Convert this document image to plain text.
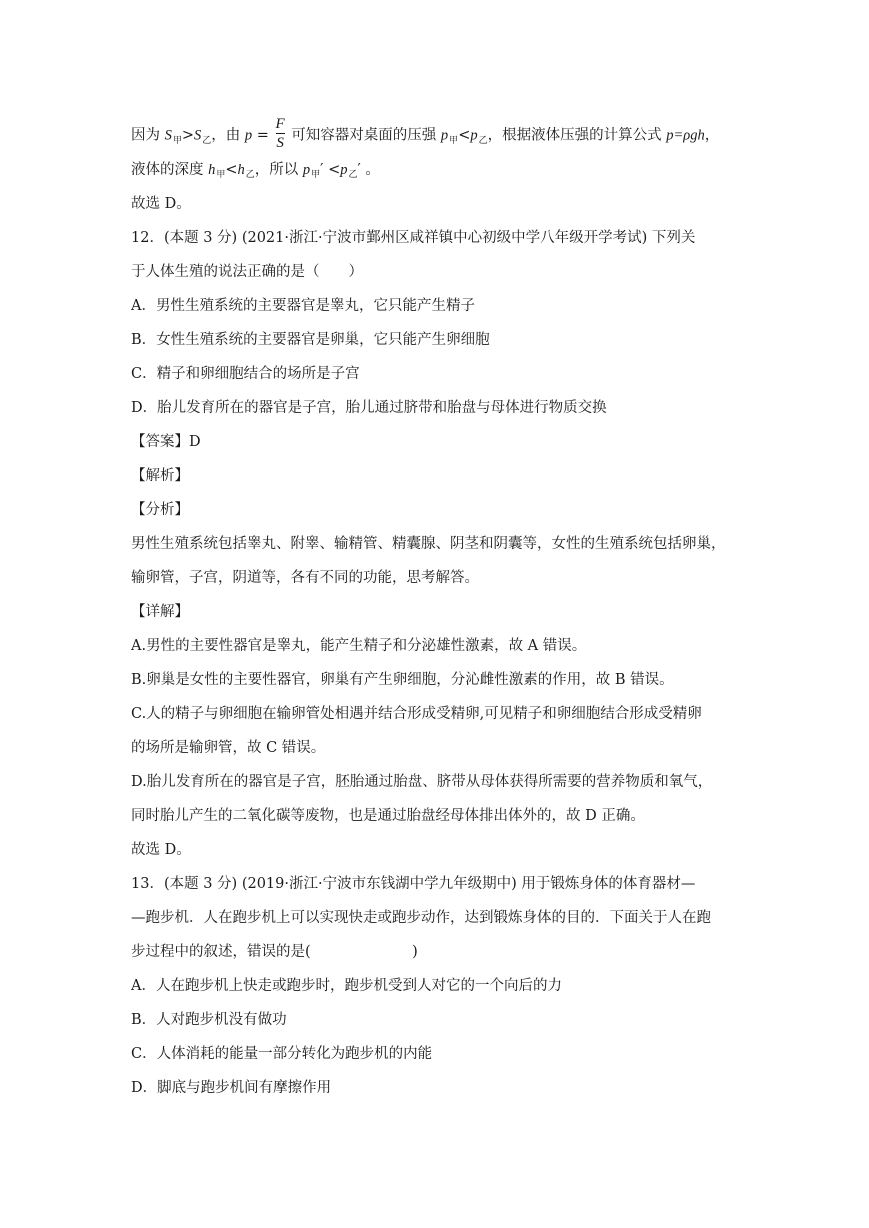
因为 $S_甲>S_乙$，由 $p = \frac{F}{S}$ 可知容器对桌面的压强 $p_甲<p_乙$，根据液体压强的计算公式 p=ρgh，
液体的深度 $h_甲<h_乙$，所以 $p_甲' <p_乙'$ 。
故选 D。
12．(本题 3 分) (2021·浙江·宁波市鄞州区咸祥镇中心初级中学八年级开学考试) 下列关
于人体生殖的说法正确的是（　　）
A．男性生殖系统的主要器官是睾丸，它只能产生精子
B．女性生殖系统的主要器官是卵巢，它只能产生卵细胞
C．精子和卵细胞结合的场所是子宫
D．胎儿发育所在的器官是子宫，胎儿通过脐带和胎盘与母体进行物质交换
【答案】D
【解析】
【分析】
男性生殖系统包括睾丸、附睾、输精管、精囊腺、阴茎和阴囊等，女性的生殖系统包括卵巢，
输卵管，子宫，阴道等，各有不同的功能，思考解答。
【详解】
A.男性的主要性器官是睾丸，能产生精子和分泌雄性激素，故 A 错误。
B.卵巢是女性的主要性器官，卵巢有产生卵细胞，分沁雌性激素的作用，故 B 错误。
C.人的精子与卵细胞在输卵管处相遇并结合形成受精卵,可见精子和卵细胞结合形成受精卵
的场所是输卵管，故 C 错误。
D.胎儿发育所在的器官是子宫，胚胎通过胎盘、脐带从母体获得所需要的营养物质和氧气，
同时胎儿产生的二氧化碳等废物，也是通过胎盘经母体排出体外的，故 D 正确。
故选 D。
13．(本题 3 分) (2019·浙江·宁波市东钱湖中学九年级期中) 用于锻炼身体的体育器材—
—跑步机．人在跑步机上可以实现快走或跑步动作，达到锻炼身体的目的．下面关于人在跑
步过程中的叙述，错误的是(　　　　　　　)
A．人在跑步机上快走或跑步时，跑步机受到人对它的一个向后的力
B．人对跑步机没有做功
C．人体消耗的能量一部分转化为跑步机的内能
D．脚底与跑步机间有摩擦作用
